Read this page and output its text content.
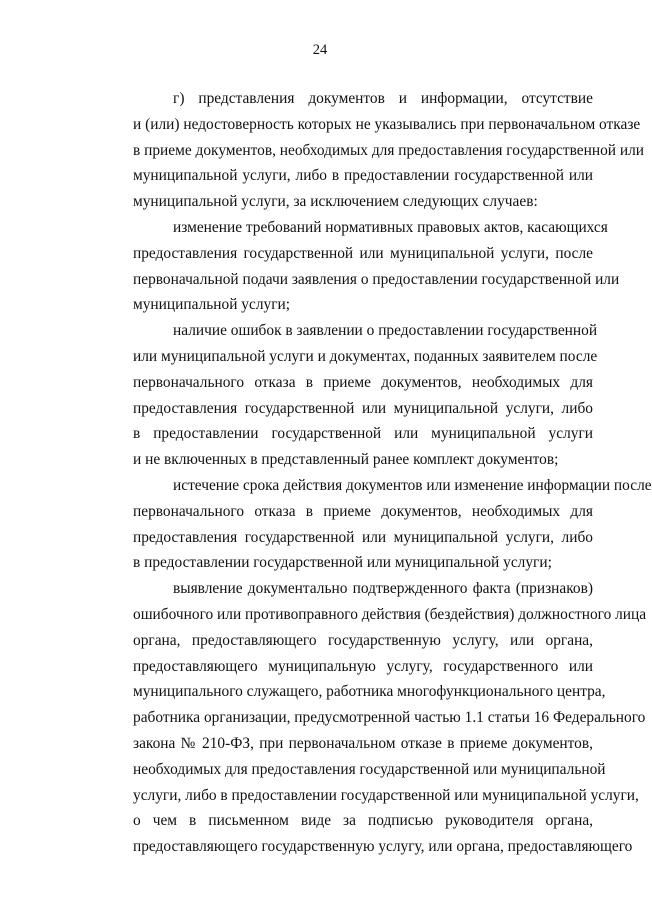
24

г) представления документов и информации, отсутствие
и (или) недостоверность которых не указывались при первоначальном отказе
в приеме документов, необходимых для предоставления государственной или
муниципальной услуги, либо в предоставлении государственной или
муниципальной услуги, за исключением следующих случаев:

изменение требований нормативных правовых актов, касающихся
предоставления государственной или муниципальной услуги, после
первоначальной подачи заявления о предоставлении государственной или
муниципальной услуги;

наличие ошибок в заявлении о предоставлении государственной
или муниципальной услуги и документах, поданных заявителем после
первоначального отказа в приеме документов, необходимых для
предоставления государственной или муниципальной услуги, либо
в предоставлении государственной или муниципальной услуги
и не включенных в представленный ранее комплект документов;

истечение срока действия документов или изменение информации после
первоначального отказа в приеме документов, необходимых для
предоставления государственной или муниципальной услуги, либо
в предоставлении государственной или муниципальной услуги;

выявление документально подтвержденного факта (признаков)
ошибочного или противоправного действия (бездействия) должностного лица
органа, предоставляющего государственную услугу, или органа,
предоставляющего муниципальную услугу, государственного или
муниципального служащего, работника многофункционального центра,
работника организации, предусмотренной частью 1.1 статьи 16 Федерального
закона № 210-ФЗ, при первоначальном отказе в приеме документов,
необходимых для предоставления государственной или муниципальной
услуги, либо в предоставлении государственной или муниципальной услуги,
о чем в письменном виде за подписью руководителя органа,
предоставляющего государственную услугу, или органа, предоставляющего
